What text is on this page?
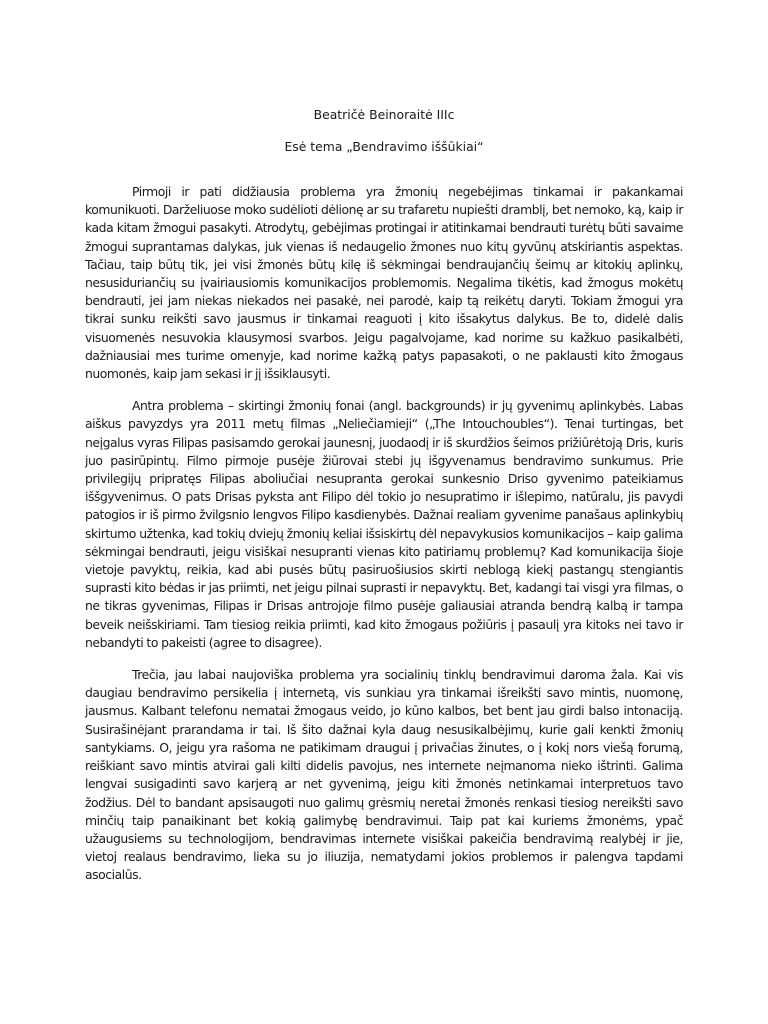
Beatričė Beinoraitė IIIc

Esė tema „Bendravimo iššūkiai“

Pirmoji ir pati didžiausia problema yra žmonių negebėjimas tinkamai ir pakankamai komunikuoti. Darželiuose moko sudėlioti dėlionę ar su trafaretu nupiešti dramblį, bet nemoko, ką, kaip ir kada kitam žmogui pasakyti. Atrodytų, gebėjimas protingai ir atitinkamai bendrauti turėtų būti savaime žmogui suprantamas dalykas, juk vienas iš nedaugelio žmones nuo kitų gyvūnų atskiriantis aspektas. Tačiau, taip būtų tik, jei visi žmonės būtų kilę iš sėkmingai bendraujančių šeimų ar kitokių aplinkų, nesusiduriančių su įvairiausiomis komunikacijos problemomis. Negalima tikėtis, kad žmogus mokėtų bendrauti, jei jam niekas niekados nei pasakė, nei parodė, kaip tą reikėtų daryti. Tokiam žmogui yra tikrai sunku reikšti savo jausmus ir tinkamai reaguoti į kito išsakytus dalykus. Be to, didelė dalis visuomenės nesuvokia klausymosi svarbos. Jeigu pagalvojame, kad norime su kažkuo pasikalbėti, dažniausiai mes turime omenyje, kad norime kažką patys papasakoti, o ne paklausti kito žmogaus nuomonės, kaip jam sekasi ir jį išsiklausyti.

Antra problema – skirtingi žmonių fonai (angl. backgrounds) ir jų gyvenimų aplinkybės. Labas aiškus pavyzdys yra 2011 metų filmas „Neliečiamieji“ („The Intouchoubles“). Tenai turtingas, bet neįgalus vyras Filipas pasisamdo gerokai jaunesnį, juodaodį ir iš skurdžios šeimos prižiūrėtoją Dris, kuris juo pasirūpintų. Filmo pirmoje pusėje žiūrovai stebi jų išgyvenamus bendravimo sunkumus. Prie privilegijų pripratęs Filipas aboliučiai nesupranta gerokai sunkesnio Driso gyvenimo pateikiamus iššgyvenimus. O pats Drisas pyksta ant Filipo dėl tokio jo nesupratimo ir išlepimo, natūralu, jis pavydi patogios ir iš pirmo žvilgsnio lengvos Filipo kasdienybės. Dažnai realiam gyvenime panašaus aplinkybių skirtumo užtenka, kad tokių dviejų žmonių keliai išsiskirtų dėl nepavykusios komunikacijos – kaip galima sėkmingai bendrauti, jeigu visiškai nesupranti vienas kito patiriamų problemų? Kad komunikacija šioje vietoje pavyktų, reikia, kad abi pusės būtų pasiruošiusios skirti neblogą kiekį pastangų stengiantis suprasti kito bėdas ir jas priimti, net jeigu pilnai suprasti ir nepavyktų. Bet, kadangi tai visgi yra filmas, o ne tikras gyvenimas, Filipas ir Drisas antrojoje filmo pusėje galiausiai atranda bendrą kalbą ir tampa beveik neišskiriami. Tam tiesiog reikia priimti, kad kito žmogaus požiūris į pasaulį yra kitoks nei tavo ir nebandyti to pakeisti (agree to disagree).

Trečia, jau labai naujoviška problema yra socialinių tinklų bendravimui daroma žala. Kai vis daugiau bendravimo persikelia į internetą, vis sunkiau yra tinkamai išreikšti savo mintis, nuomonę, jausmus. Kalbant telefonu nematai žmogaus veido, jo kūno kalbos, bet bent jau girdi balso intonaciją. Susirašinėjant prarandama ir tai. Iš šito dažnai kyla daug nesusikalbėjimų, kurie gali kenkti žmonių santykiams. O, jeigu yra rašoma ne patikimam draugui į privačias žinutes, o į kokį nors viešą forumą, reiškiant savo mintis atvirai gali kilti didelis pavojus, nes internete neįmanoma nieko ištrinti. Galima lengvai susigadinti savo karjerą ar net gyvenimą, jeigu kiti žmonės netinkamai interpretuos tavo žodžius. Dėl to bandant apsisaugoti nuo galimų grėsmių neretai žmonės renkasi tiesiog nereikšti savo minčių taip panaikinant bet kokią galimybę bendravimui. Taip pat kai kuriems žmonėms, ypač užaugusiems su technologijom, bendravimas internete visiškai pakeičia bendravimą realybėj ir jie, vietoj realaus bendravimo, lieka su jo iliuzija, nematydami jokios problemos ir palengva tapdami asocialūs.
